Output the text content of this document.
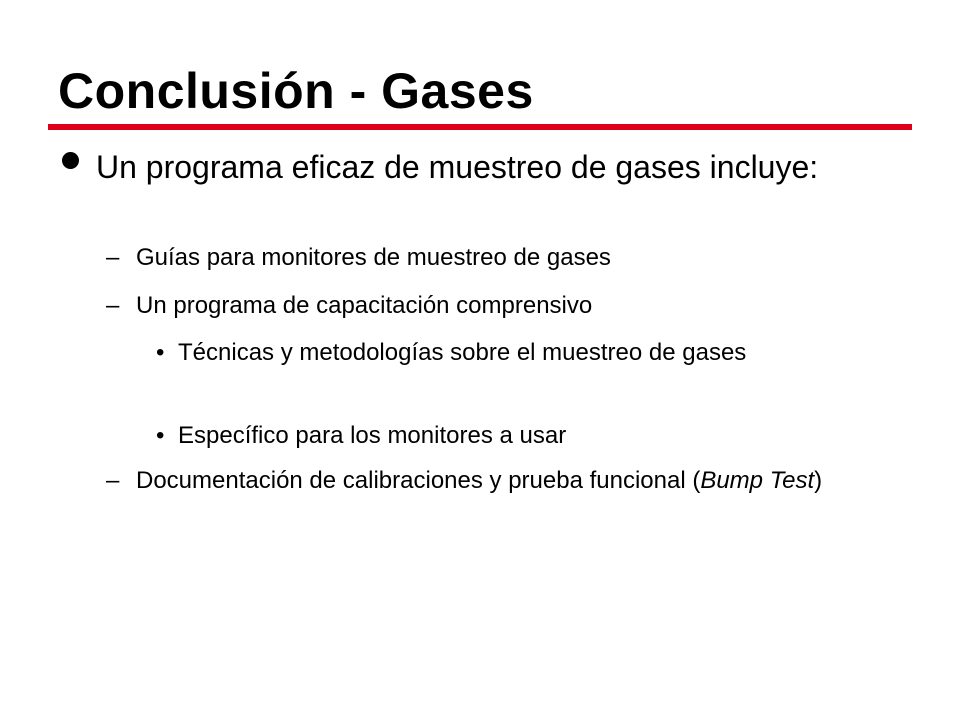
Conclusión - Gases

Un programa eficaz de muestreo de gases incluye:

– Guías para monitores de muestreo de gases

– Un programa de capacitación comprensivo

• Técnicas y metodologías sobre el muestreo de gases

• Específico para los monitores a usar

– Documentación de calibraciones y prueba funcional (Bump Test)
